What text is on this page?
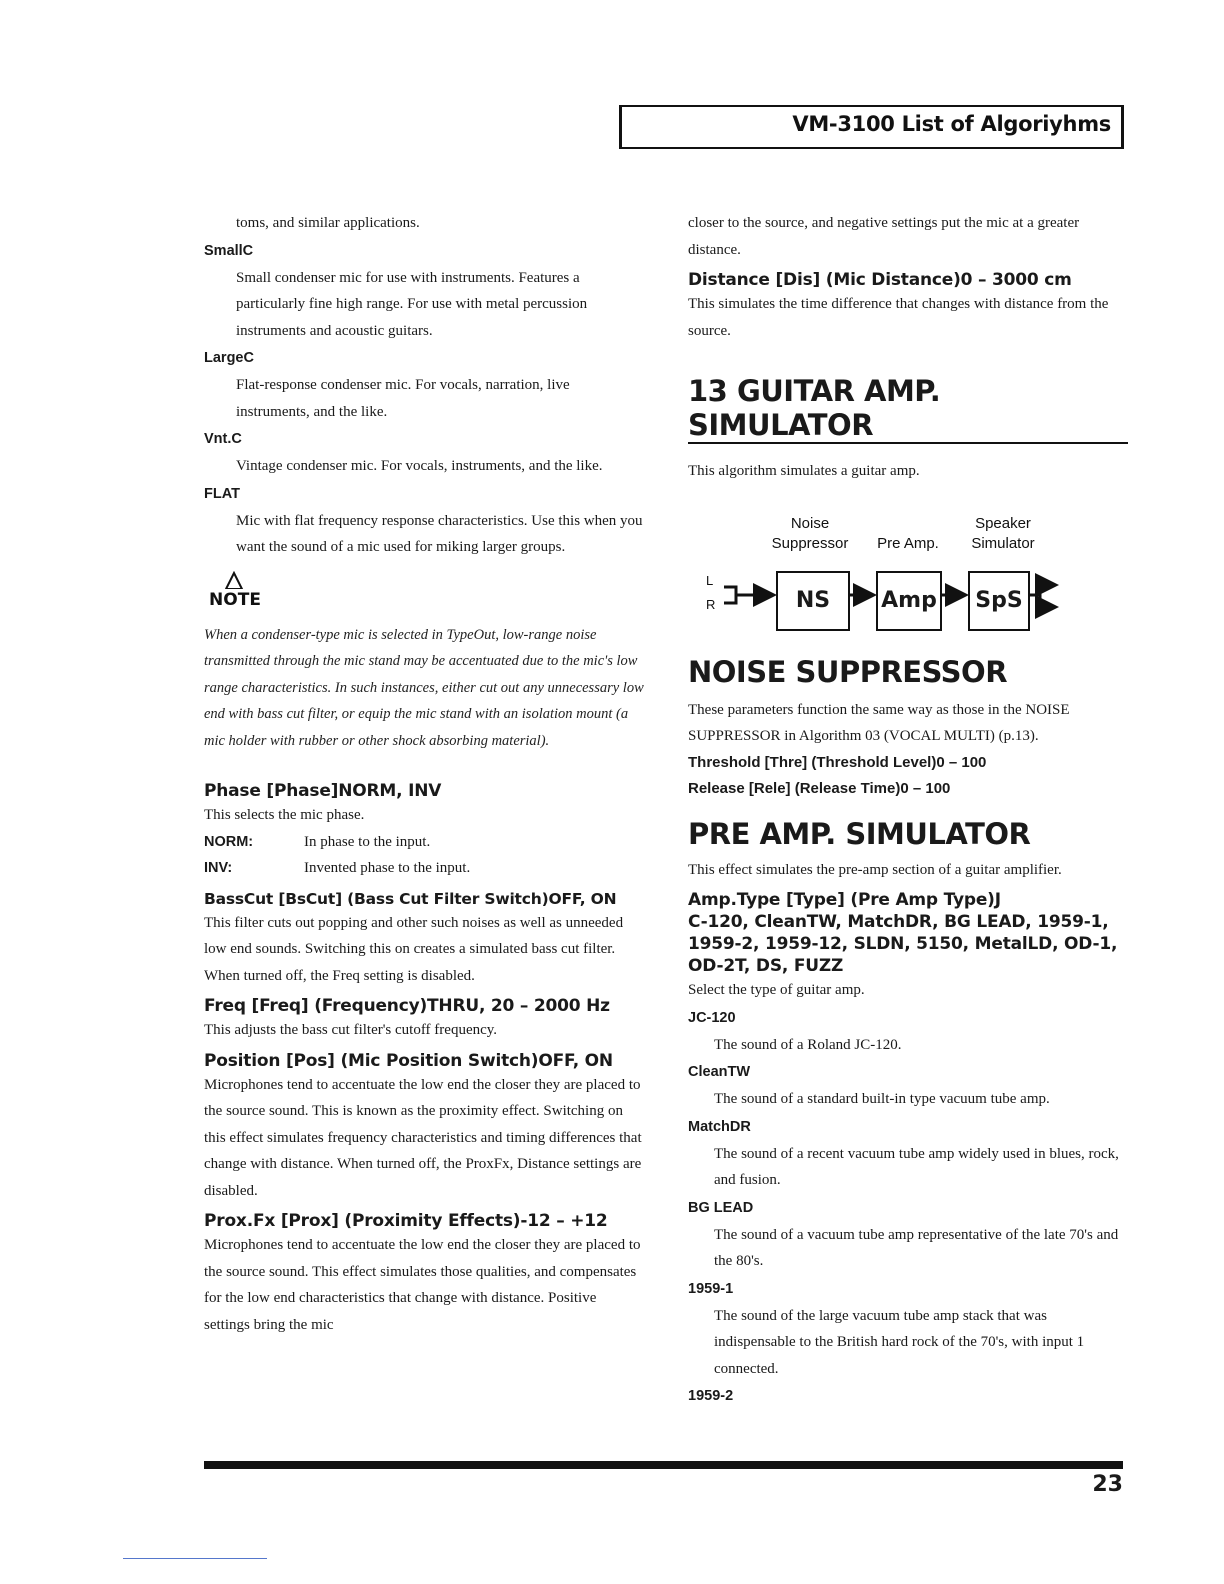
VM-3100 List of Algoriyhms

toms, and similar applications.

SmallC

Small condenser mic for use with instruments. Features a particularly fine high range. For use with metal percussion instruments and acoustic guitars.

LargeC

Flat-response condenser mic. For vocals, narration, live instruments, and the like.

Vnt.C

Vintage condenser mic. For vocals, instruments, and the like.

FLAT

Mic with flat frequency response characteristics. Use this when you want the sound of a mic used for miking larger groups.

NOTE

When a condenser-type mic is selected in TypeOut, low-range noise transmitted through the mic stand may be accentuated due to the mic's low range characteristics. In such instances, either cut out any unnecessary low end with bass cut filter, or equip the mic stand with an isolation mount (a mic holder with rubber or other shock absorbing material).

Phase [Phase]NORM, INV

This selects the mic phase.

NORM:	In phase to the input.
INV:	Invented phase to the input.
BassCut [BsCut] (Bass Cut Filter Switch)OFF, ON

This filter cuts out popping and other such noises as well as unneeded low end sounds. Switching this on creates a simulated bass cut filter. When turned off, the Freq setting is disabled.

Freq [Freq] (Frequency)THRU, 20 – 2000 Hz

This adjusts the bass cut filter's cutoff frequency.

Position [Pos] (Mic Position Switch)OFF, ON

Microphones tend to accentuate the low end the closer they are placed to the source sound. This is known as the proximity effect. Switching on this effect simulates frequency characteristics and timing differences that change with distance. When turned off, the ProxFx, Distance settings are disabled.

Prox.Fx [Prox] (Proximity Effects)-12 – +12

Microphones tend to accentuate the low end the closer they are placed to the source sound. This effect simulates those qualities, and compensates for the low end characteristics that change with distance. Positive settings bring the mic

closer to the source, and negative settings put the mic at a greater distance.

Distance [Dis] (Mic Distance)0 – 3000 cm

This simulates the time difference that changes with distance from the source.

13 GUITAR AMP. SIMULATOR

This algorithm simulates a guitar amp.

Noise
Suppressor	Pre Amp.
Speaker
Simulator
L
R	NS	Amp	SpS
NOISE SUPPRESSOR

These parameters function the same way as those in the NOISE SUPPRESSOR in Algorithm 03 (VOCAL MULTI) (p.13).

Threshold [Thre] (Threshold Level)0 – 100
Release [Rele] (Release Time)0 – 100
PRE AMP. SIMULATOR

This effect simulates the pre-amp section of a guitar amplifier.

Amp.Type [Type] (Pre Amp Type)J
C-120, CleanTW, MatchDR, BG LEAD, 1959-1, 1959-2, 1959-12, SLDN, 5150, MetalLD, OD-1, OD-2T, DS, FUZZ

Select the type of guitar amp.

JC-120

The sound of a Roland JC-120.

CleanTW

The sound of a standard built-in type vacuum tube amp.

MatchDR

The sound of a recent vacuum tube amp widely used in blues, rock, and fusion.

BG LEAD

The sound of a vacuum tube amp representative of the late 70's and the 80's.

1959-1

The sound of the large vacuum tube amp stack that was indispensable to the British hard rock of the 70's, with input 1 connected.

1959-2
23
